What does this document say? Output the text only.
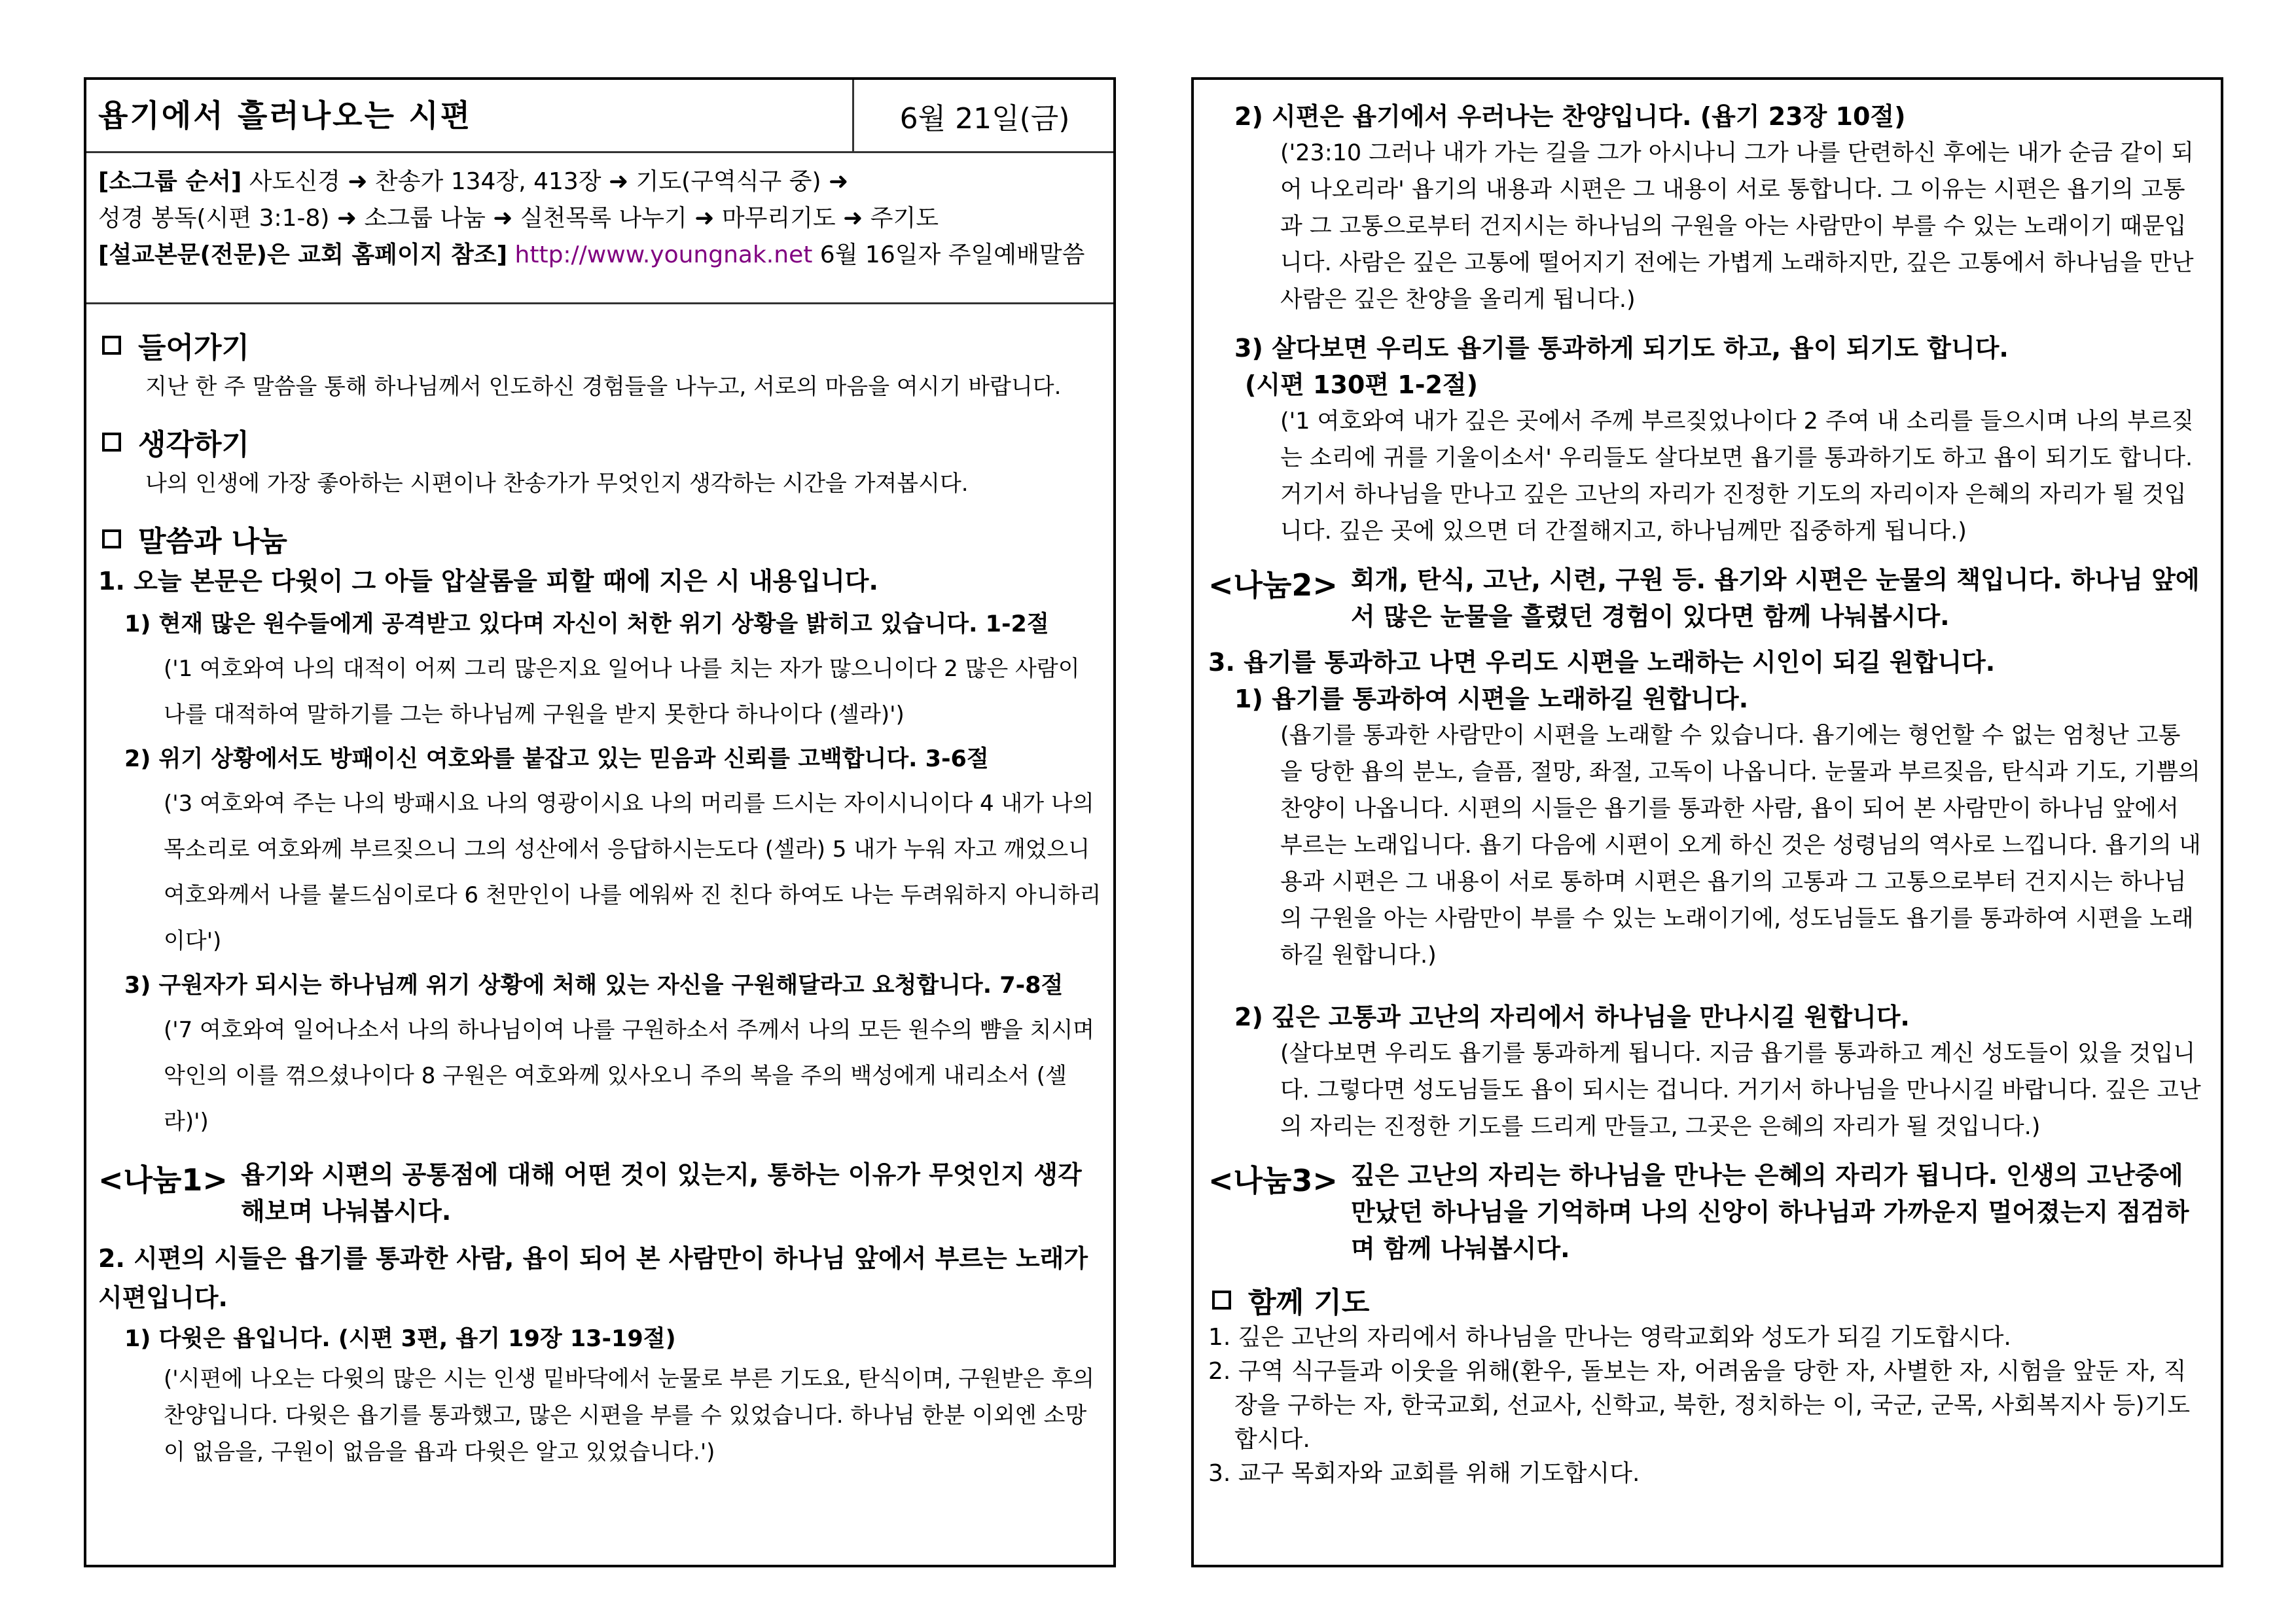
욥기에서 흘러나오는 시편	6월 21일(금)
[소그룹 순서] 사도신경 ➜ 찬송가 134장, 413장 ➜ 기도(구역식구 중) ➜
성경 봉독(시편 3:1-8) ➜ 소그룹 나눔 ➜ 실천목록 나누기 ➜ 마무리기도 ➜ 주기도
[설교본문(전문)은 교회 홈페이지 참조] http://www.youngnak.net 6월 16일자 주일예배말씀
들어가기
지난 한 주 말씀을 통해 하나님께서 인도하신 경험들을 나누고, 서로의 마음을 여시기 바랍니다.
생각하기
나의 인생에 가장 좋아하는 시편이나 찬송가가 무엇인지 생각하는 시간을 가져봅시다.
말씀과 나눔
1. 오늘 본문은 다윗이 그 아들 압살롬을 피할 때에 지은 시 내용입니다.
1) 현재 많은 원수들에게 공격받고 있다며 자신이 처한 위기 상황을 밝히고 있습니다. 1-2절
('1 여호와여 나의 대적이 어찌 그리 많은지요 일어나 나를 치는 자가 많으니이다 2 많은 사람이 나를 대적하여 말하기를 그는 하나님께 구원을 받지 못한다 하나이다 (셀라)')
2) 위기 상황에서도 방패이신 여호와를 붙잡고 있는 믿음과 신뢰를 고백합니다. 3-6절
('3 여호와여 주는 나의 방패시요 나의 영광이시요 나의 머리를 드시는 자이시니이다 4 내가 나의 목소리로 여호와께 부르짖으니 그의 성산에서 응답하시는도다 (셀라) 5 내가 누워 자고 깨었으니 여호와께서 나를 붙드심이로다 6 천만인이 나를 에워싸 진 친다 하여도 나는 두려워하지 아니하리이다')
3) 구원자가 되시는 하나님께 위기 상황에 처해 있는 자신을 구원해달라고 요청합니다. 7-8절
('7 여호와여 일어나소서 나의 하나님이여 나를 구원하소서 주께서 나의 모든 원수의 뺨을 치시며 악인의 이를 꺾으셨나이다 8 구원은 여호와께 있사오니 주의 복을 주의 백성에게 내리소서 (셀라)')
<나눔1> 욥기와 시편의 공통점에 대해 어떤 것이 있는지, 통하는 이유가 무엇인지 생각해보며 나눠봅시다.
2. 시편의 시들은 욥기를 통과한 사람, 욥이 되어 본 사람만이 하나님 앞에서 부르는 노래가 시편입니다.
1) 다윗은 욥입니다. (시편 3편, 욥기 19장 13-19절)
('시편에 나오는 다윗의 많은 시는 인생 밑바닥에서 눈물로 부른 기도요, 탄식이며, 구원받은 후의 찬양입니다. 다윗은 욥기를 통과했고, 많은 시편을 부를 수 있었습니다. 하나님 한분 이외엔 소망이 없음을, 구원이 없음을 욥과 다윗은 알고 있었습니다.')
2) 시편은 욥기에서 우러나는 찬양입니다. (욥기 23장 10절)
('23:10 그러나 내가 가는 길을 그가 아시나니 그가 나를 단련하신 후에는 내가 순금 같이 되어 나오리라' 욥기의 내용과 시편은 그 내용이 서로 통합니다. 그 이유는 시편은 욥기의 고통과 그 고통으로부터 건지시는 하나님의 구원을 아는 사람만이 부를 수 있는 노래이기 때문입니다. 사람은 깊은 고통에 떨어지기 전에는 가볍게 노래하지만, 깊은 고통에서 하나님을 만난 사람은 깊은 찬양을 올리게 됩니다.)
3) 살다보면 우리도 욥기를 통과하게 되기도 하고, 욥이 되기도 합니다.
(시편 130편 1-2절)
('1 여호와여 내가 깊은 곳에서 주께 부르짖었나이다 2 주여 내 소리를 들으시며 나의 부르짖는 소리에 귀를 기울이소서' 우리들도 살다보면 욥기를 통과하기도 하고 욥이 되기도 합니다. 거기서 하나님을 만나고 깊은 고난의 자리가 진정한 기도의 자리이자 은혜의 자리가 될 것입니다. 깊은 곳에 있으면 더 간절해지고, 하나님께만 집중하게 됩니다.)
<나눔2> 회개, 탄식, 고난, 시련, 구원 등. 욥기와 시편은 눈물의 책입니다. 하나님 앞에서 많은 눈물을 흘렸던 경험이 있다면 함께 나눠봅시다.
3. 욥기를 통과하고 나면 우리도 시편을 노래하는 시인이 되길 원합니다.
1) 욥기를 통과하여 시편을 노래하길 원합니다.
(욥기를 통과한 사람만이 시편을 노래할 수 있습니다. 욥기에는 형언할 수 없는 엄청난 고통을 당한 욥의 분노, 슬픔, 절망, 좌절, 고독이 나옵니다. 눈물과 부르짖음, 탄식과 기도, 기쁨의 찬양이 나옵니다. 시편의 시들은 욥기를 통과한 사람, 욥이 되어 본 사람만이 하나님 앞에서 부르는 노래입니다. 욥기 다음에 시편이 오게 하신 것은 성령님의 역사로 느낍니다. 욥기의 내용과 시편은 그 내용이 서로 통하며 시편은 욥기의 고통과 그 고통으로부터 건지시는 하나님의 구원을 아는 사람만이 부를 수 있는 노래이기에, 성도님들도 욥기를 통과하여 시편을 노래하길 원합니다.)
2) 깊은 고통과 고난의 자리에서 하나님을 만나시길 원합니다.
(살다보면 우리도 욥기를 통과하게 됩니다. 지금 욥기를 통과하고 계신 성도들이 있을 것입니다. 그렇다면 성도님들도 욥이 되시는 겁니다. 거기서 하나님을 만나시길 바랍니다. 깊은 고난의 자리는 진정한 기도를 드리게 만들고, 그곳은 은혜의 자리가 될 것입니다.)
<나눔3> 깊은 고난의 자리는 하나님을 만나는 은혜의 자리가 됩니다. 인생의 고난중에 만났던 하나님을 기억하며 나의 신앙이 하나님과 가까운지 멀어졌는지 점검하며 함께 나눠봅시다.
함께 기도
1. 깊은 고난의 자리에서 하나님을 만나는 영락교회와 성도가 되길 기도합시다.
2. 구역 식구들과 이웃을 위해(환우, 돌보는 자, 어려움을 당한 자, 사별한 자, 시험을 앞둔 자, 직장을 구하는 자, 한국교회, 선교사, 신학교, 북한, 정치하는 이, 국군, 군목, 사회복지사 등)기도합시다.
3. 교구 목회자와 교회를 위해 기도합시다.
